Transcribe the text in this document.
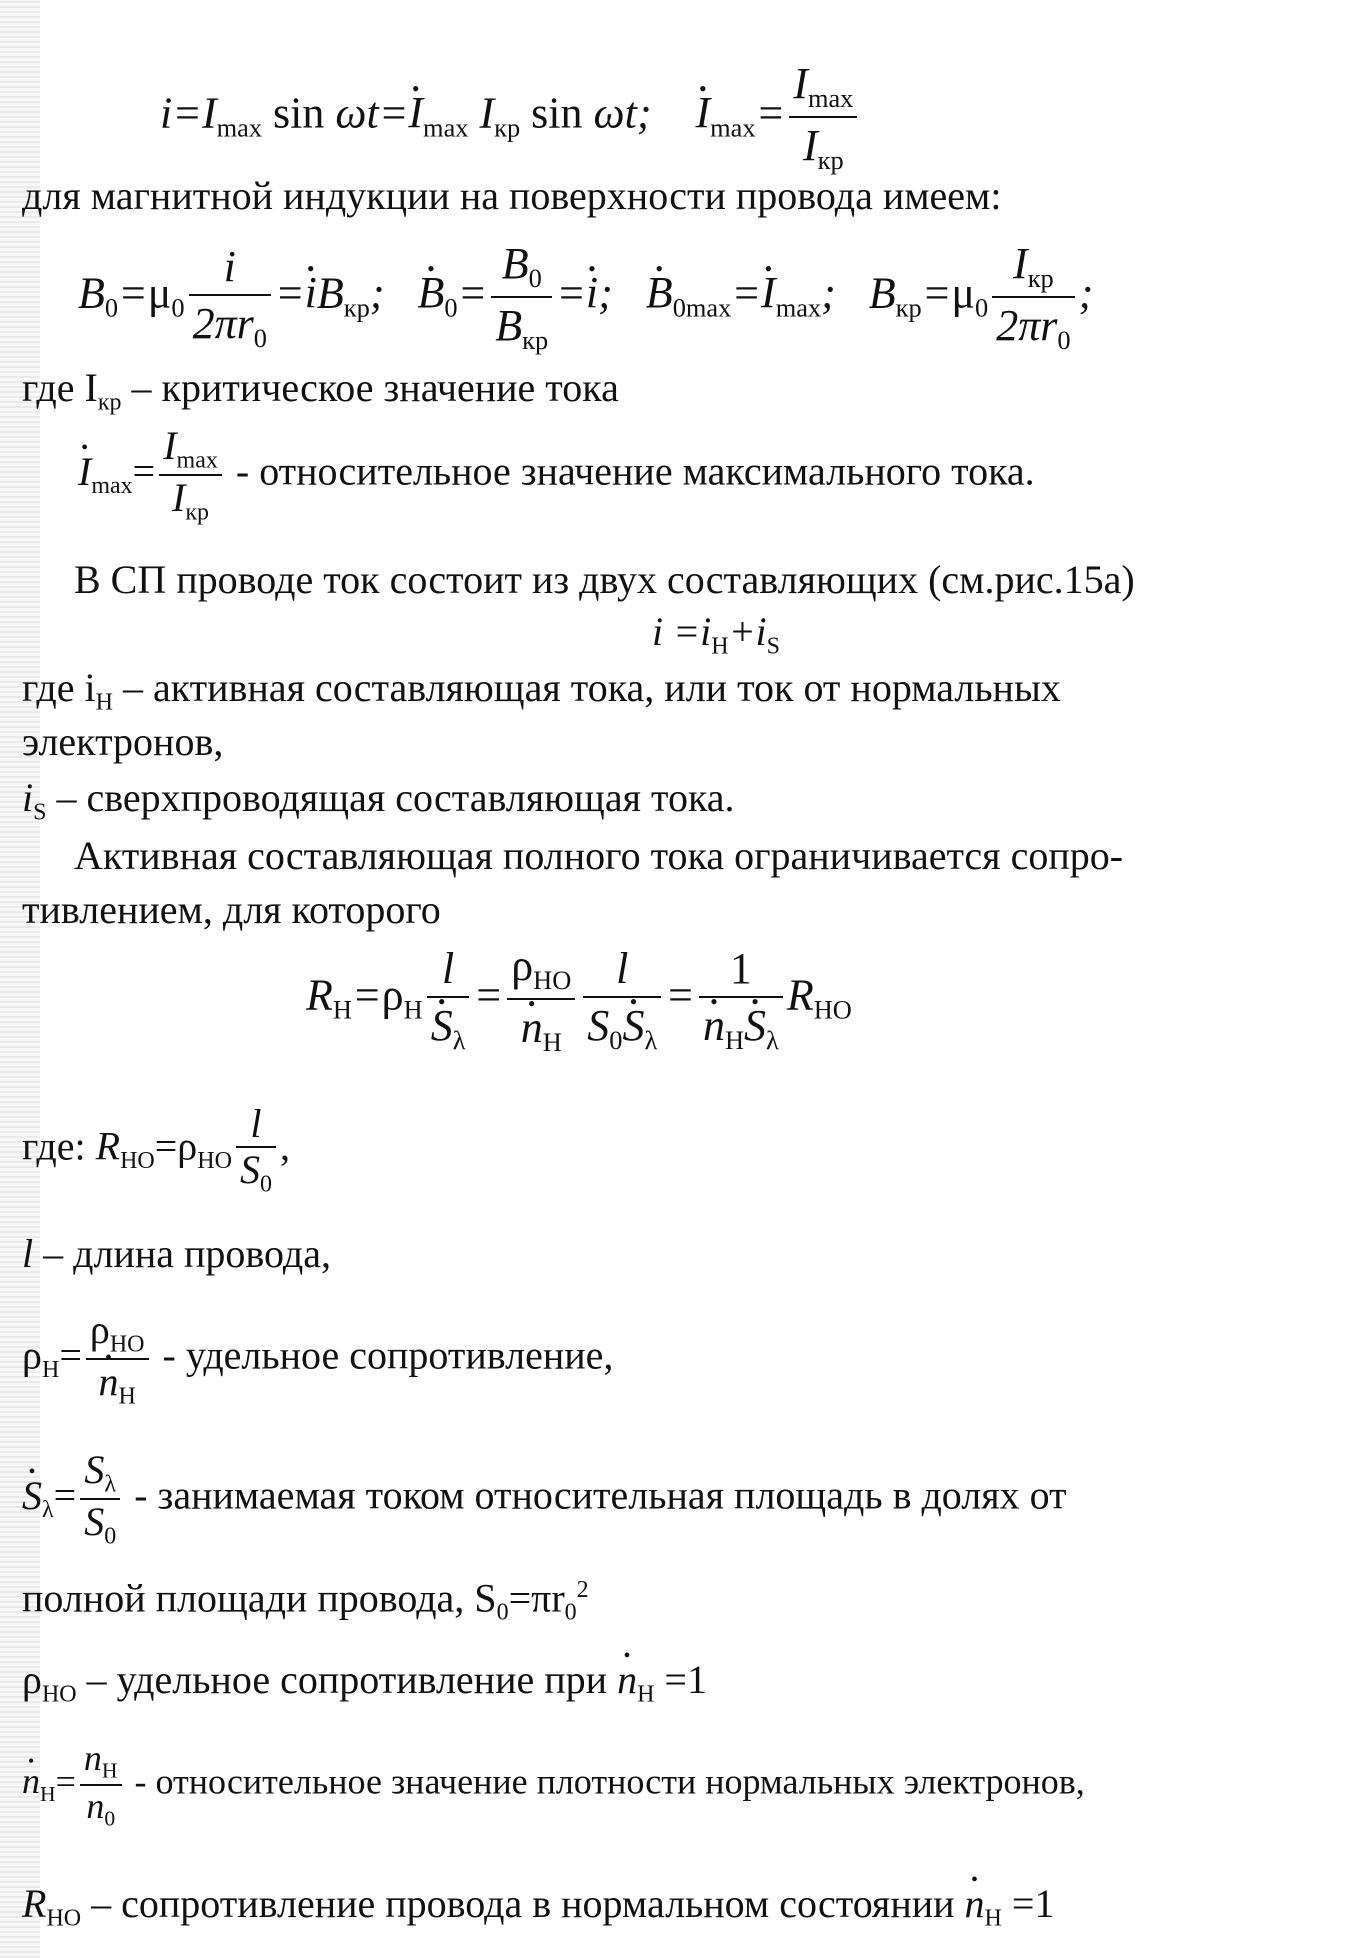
$i=I_{max}$ sin ωt=• $I_{max}$ $I_{кр}$ sin ωt;    • $I_{max}= \frac{I_{max}}{I_{кр}}$
для магнитной индукции на поверхности провода имеем:
$B_0=\mu_0 \frac{i}{2\pi r_0}$ =• $iB_{кр}$;   • $B_0= \frac{B_0}{B_{кр}}$ =• i;   • $B_{0max}=•$ $I_{max}$;   $B_{кр}=\mu_0 \frac{I_{кр}}{2\pi r_0}$ ;
где $I_{кр}$ – критическое значение тока
• $I_{max}= \frac{I_{max}}{I_{кр}}$ - относительное значение максимального тока.
В СП проводе ток состоит из двух составляющих (см.рис.15а)
$i =i_Н+i_S$
где $i_Н$ – активная составляющая тока, или ток от нормальных
электронов,
$i_S$ – сверхпроводящая составляющая тока.
Активная составляющая полного тока ограничивается сопро-
тивлением, для которого
$R_Н=\rho_Н$ l
• $S_\lambda = \rho_{НО}$
• $n_Н \frac{l}{S_0• S_\lambda} = 1$
• $n_Н•$ $S_\lambda$ $R_{НО}$
где: $R_{НО}=\rho_{НО} \frac{l}{S_0}$ ,
l – длина провода,
$\rho_Н= \rho_{НО}$
• $n_Н$ - удельное сопротивление,
• $S_\lambda= \frac{S_\lambda}{S_0}$ - занимаемая током относительная площадь в долях от
полной площади провода, $S_0=\pi r_0^2$
$\rho_{НО}$ – удельное сопротивление при • $n_Н =1$
• $n_Н= \frac{n_Н}{n_0}$ - относительное значение плотности нормальных электронов,
$R_{НО}$ – сопротивление провода в нормальном состоянии • $n_Н =1$
